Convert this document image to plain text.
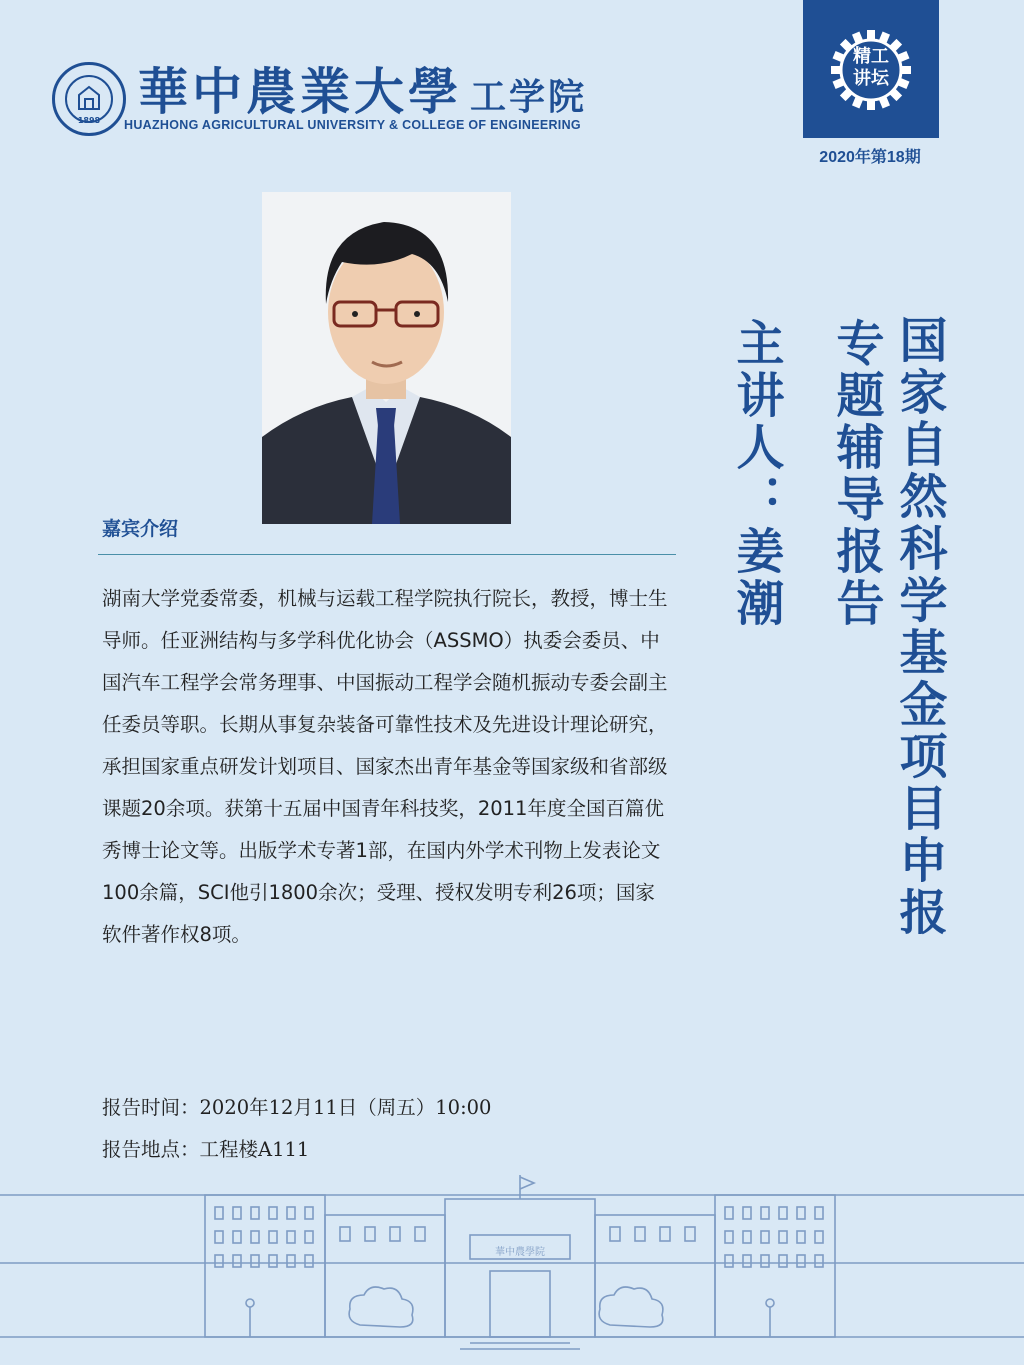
1898 華中農業大學 工学院
HUAZHONG AGRICULTURAL UNIVERSITY & COLLEGE OF ENGINEERING
精工
讲坛
2020年第18期
国家自然科学基金项目申报
专题辅导报告
主讲人：姜潮
嘉宾介绍

湖南大学党委常委，机械与运载工程学院执行院长，教授，博士生导师。任亚洲结构与多学科优化协会（ASSMO）执委会委员、中国汽车工程学会常务理事、中国振动工程学会随机振动专委会副主任委员等职。长期从事复杂装备可靠性技术及先进设计理论研究，承担国家重点研发计划项目、国家杰出青年基金等国家级和省部级课题20余项。获第十五届中国青年科技奖，2011年度全国百篇优秀博士论文等。出版学术专著1部，在国内外学术刊物上发表论文100余篇，SCI他引1800余次；受理、授权发明专利26项；国家软件著作权8项。

报告时间：2020年12月11日（周五）10:00
报告地点：工程楼A111
華中農學院
